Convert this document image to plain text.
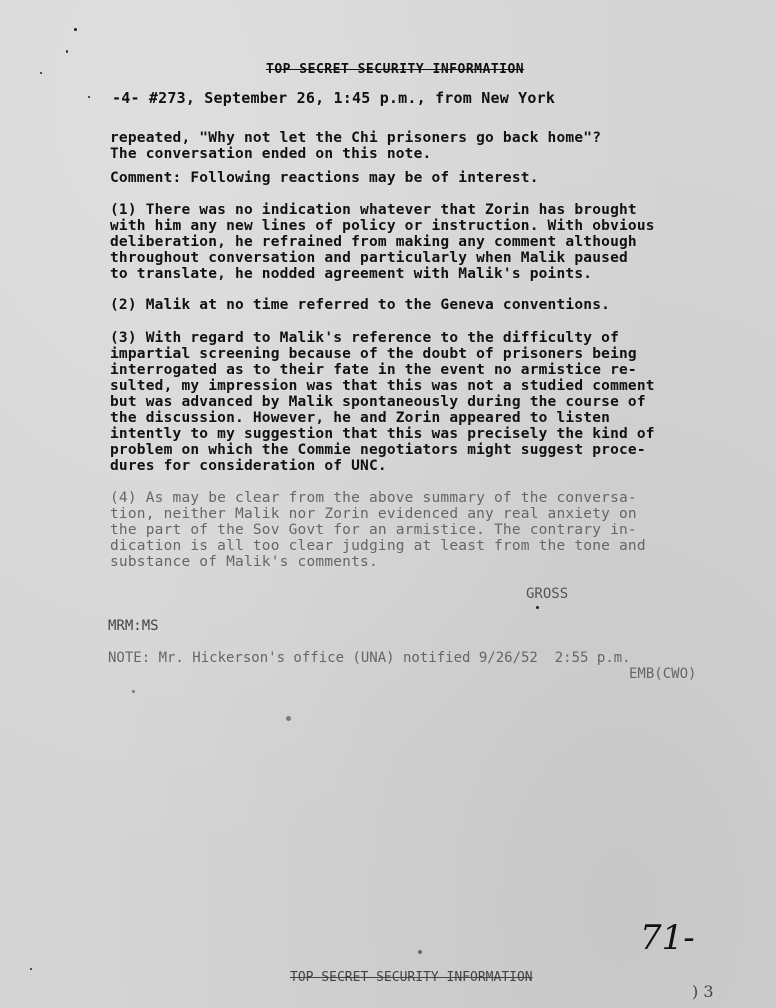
TOP SECRET SECURITY INFORMATION
-4- #273, September 26, 1:45 p.m., from New York
repeated, "Why not let the Chi prisoners go back home"?
The conversation ended on this note.
Comment: Following reactions may be of interest.
(1) There was no indication whatever that Zorin has brought
with him any new lines of policy or instruction. With obvious
deliberation, he refrained from making any comment although
throughout conversation and particularly when Malik paused
to translate, he nodded agreement with Malik's points.
(2) Malik at no time referred to the Geneva conventions.
(3) With regard to Malik's reference to the difficulty of
impartial screening because of the doubt of prisoners being
interrogated as to their fate in the event no armistice re-
sulted, my impression was that this was not a studied comment
but was advanced by Malik spontaneously during the course of
the discussion. However, he and Zorin appeared to listen
intently to my suggestion that this was precisely the kind of
problem on which the Commie negotiators might suggest proce-
dures for consideration of UNC.
(4) As may be clear from the above summary of the conversa-
tion, neither Malik nor Zorin evidenced any real anxiety on
the part of the Sov Govt for an armistice. The contrary in-
dication is all too clear judging at least from the tone and
substance of Malik's comments.
GROSS
MRM:MS
NOTE: Mr. Hickerson's office (UNA) notified 9/26/52  2:55 p.m.
EMB(CWO)
71-
TOP SECRET SECURITY INFORMATION
) 3
